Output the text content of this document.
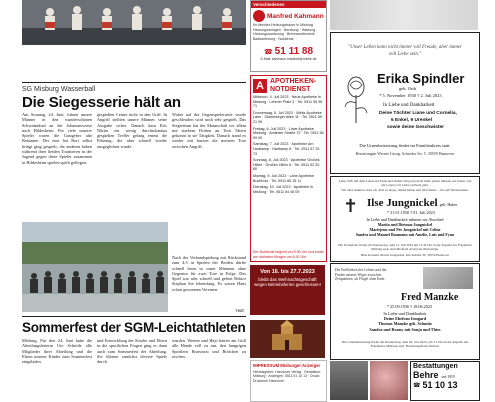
SG Misburg Wasserball
Die Siegesserie hält an
Am Sonntag, 24. Juni, fuhren unsere Männer in den wunderschönen Schwimmbad an der Johanneswiese nach Hildesheim. Für viele unserer Spieler waren die Gastgeber alte Bekannte. Der eine hat Bort selbst bringt ging gespielt, die anderen haben während ihrer beiden Tournieren in der Jugend gegen diese Spieler zusammen in Hildesheim spielen spielt geflogen.
gespielten Center nicht in den Griff. In Angriff stellten unsere Männer, seine Ausgabe sicher. Danach kam Eric Niklas ein wenig durchschaubar gespielten Treffer gelang erneut die Führung, die aber schnell wieder ausgeglichen wurde.
Wobei auf der Gegenspielerseite wurde geschleudert wird noch sehr gespielt. Das Siegerteam hat der Mannschaft vor allem mit starkem Dritten an Torn Tätern gekonnt in sie Tätigkeit. Danach stand es wieder mit kurzen die meisten Tore zwischen Angriff.
Nach der Verbandspielung mit Rückstand zum 4:5 in Spielen der Beiden dürfte schnell lesen so unser Männern ohne Gegentor für zwei Tore in Folge. Das Spiel war sehr schnell und gehört Rektor Stephan Sie lebenslang. Es waren Hans schon gewonnen Vereinen.
Hutt
Sommerfest der SGM-Leichtathleten
Misburg. Für den 24. Juni hatte die Abteilungsleiterin Ute Schröde alle Mitglieder ihrer Abteilung und die Eltern unserer Kinder zum Sommerfest eingeladen.
und Entwicklung der Kinder und Eltern in die sportlichen Fragen ging es dann auch zum Sommerfest der Abteilung. Sie führten zunächst diverse Spiele durch.
wurden. Werner und Hajo hatten am Grill alle Hände voll zu tun, den hungrigen Sportlern Bratwurst und Brötchen zu reichen.
Verschiedenes
Manfred Kahmann
Ihr Meister-Heizungsbauer in Misburg
Heizungsanlagen · Beratung · Wartung · Heizungssanierung · Brennwerttechnik · Badsanierung · Notdienst
☎ 51 11 88
E-Mail: kahmann.manfred@online.de
A APOTHEKEN-
NOTDIENST
Mittwoch, 4. Juli 2023 · Neue Apotheke in Misburg · Lehmer Platz 3 · Tel. 0511 95 95 71
Donnerstag, 5. Juli 2023 · Weitz Apotheke Lahe · Oldenburger Allee 11 · Tel. 0511 59 21 95
Freitag, 6. Juli 2023 · Löwe Apotheke Misburg · Anderter Straße 37 · Tel. 0511 58 09 00
Samstag, 7. Juli 2023 · Apotheke Am Hartkamp · Hartkamp 8 · Tel. 0511 57 33 73
Sonntag, 8. Juli 2023 · Apotheke Großes Hillen · Großes Hillen 6 · Tel. 0511 52 20 80
Montag, 9. Juli 2023 · Lahe Apotheke Buchholz · Tel. 0511 65 15 11
Dienstag, 10. Juli 2023 · Apotheke in Misburg · Tel. 0511 54 46 09
Der Notdienst beginnt um 8:30 Uhr und endet am nächsten Morgen um 8:30 Uhr.
Von 16. bis 27.7.2023
bleibt das Weihnachtsgeschäft wegen Betriebsferien geschlossen!
IMPRESSUM Misburger Anzeiger
Herausgeber: Hannover Verlag · Redaktion: Misburg · Anzeigen: 0511 51 10 13 · Druck: Druckerei Hannover
"Unser Leben kann nicht immer voll Freude, aber immer voll Liebe sein."
Erika Spindler
geb. Orth
* 5. November 1930 † 2. Juli 2023
In Liebe und Dankbarkeit
Deine Töchter Liane und Cornelia,
6 Enkel, 9 Urenkel
sowie deine Geschwister
Die Urnenbeisetzung findet im Familienkreis statt.
Bestattungen Werner Georg, Schroder Str. 5, 30559 Hannover
Leise trifft mit dem Leben ins Ende und deinen Weg nun nicht mehr gehen müssen wir leiten, wie ein Leben voll Liebe zu Ende geht.
Wir sind dankbar, dass wir dich so lange, lieben haben und dich hüten ... bis auf Wiedersehen.
✝ Ilse Jungnickel geb. Huber
* 31.01.1930 † 01. Juli 2023
In Liebe und Dankbarkeit nehmen wir Abschied
Marita und Dietmar Jungnickel
Mariejenn und Per Jungnickel mit Celine
Sandra und Manuel Baumann mit Amelie, Luis und Fynn
Die Trauerfeier findet am Donnerstag, dem 13. Juli 2023 um 13.30 Uhr in der Kapelle des Friedhofes Misburg statt. Anschließend erfolgt die Beisetzung.
Bitte Kontakt: Marita Jungnickel, Kirchstraße 30, 30559 Hannover
Die Endlichkeit des Lebens und das Finden unseres Weges zwischen Zeitpunkten, als Flügel ohne Ende.
Fred Manzke
* 25.09.1936 † 18.06.2023
In Liebe und Dankbarkeit
Deine Ehefrau Irmgard
Thomas Manzke geb. Schmitz
Sandra und Ronny mit Sonja und Thies
Die Urnenbeisetzung findet am Donnerstag, dem 20. Juli 2023, um 13 Uhr in der Kapelle des Friedhofes Misburg statt. Bestattungshaus Wehrin.
Bestattungen
Behre seit 1919
☎ 51 10 13
